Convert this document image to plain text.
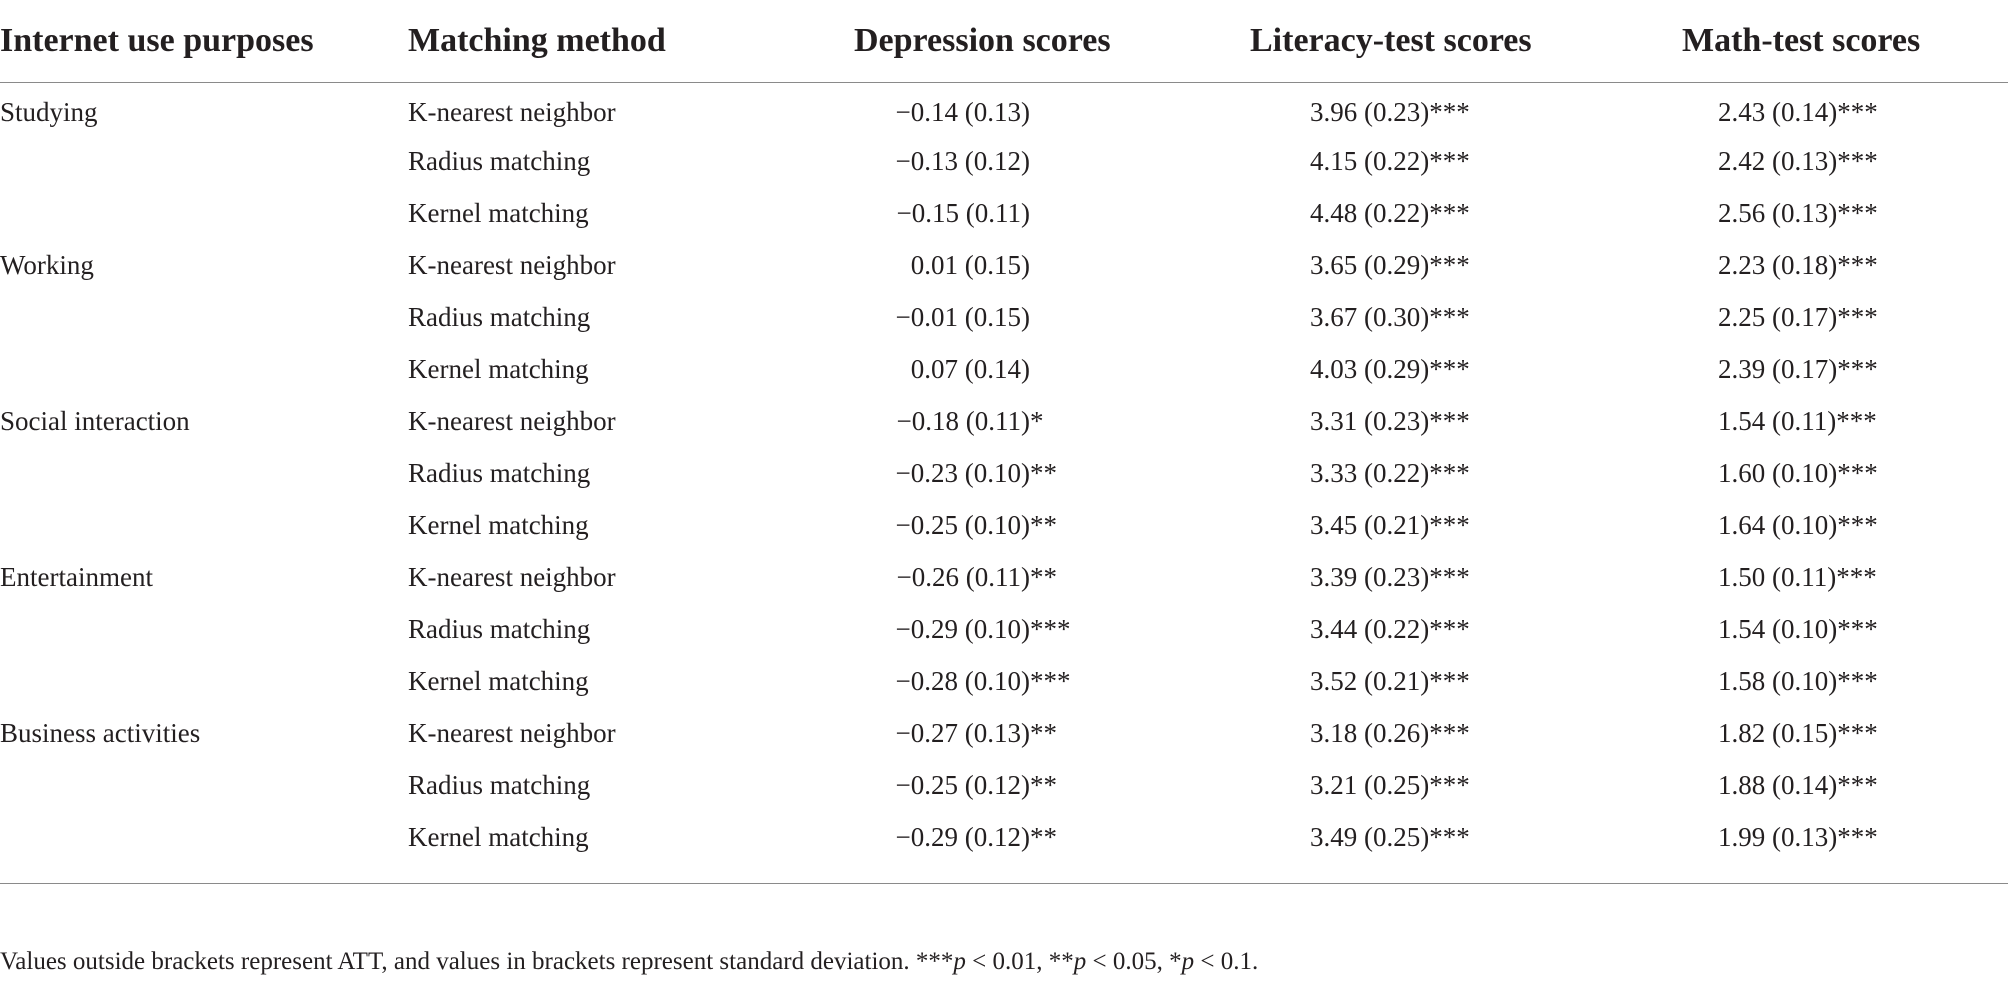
Internet use purposes	Matching method	Depression scores	Literacy-test scores	Math-test scores
Studying	K-nearest neighbor	−0.14 (0.13)	3.96 (0.23)***	2.43 (0.14)***
	Radius matching	−0.13 (0.12)	4.15 (0.22)***	2.42 (0.13)***
	Kernel matching	−0.15 (0.11)	4.48 (0.22)***	2.56 (0.13)***
Working	K-nearest neighbor	0.01 (0.15)	3.65 (0.29)***	2.23 (0.18)***
	Radius matching	−0.01 (0.15)	3.67 (0.30)***	2.25 (0.17)***
	Kernel matching	0.07 (0.14)	4.03 (0.29)***	2.39 (0.17)***
Social interaction	K-nearest neighbor	−0.18 (0.11)*	3.31 (0.23)***	1.54 (0.11)***
	Radius matching	−0.23 (0.10)**	3.33 (0.22)***	1.60 (0.10)***
	Kernel matching	−0.25 (0.10)**	3.45 (0.21)***	1.64 (0.10)***
Entertainment	K-nearest neighbor	−0.26 (0.11)**	3.39 (0.23)***	1.50 (0.11)***
	Radius matching	−0.29 (0.10)***	3.44 (0.22)***	1.54 (0.10)***
	Kernel matching	−0.28 (0.10)***	3.52 (0.21)***	1.58 (0.10)***
Business activities	K-nearest neighbor	−0.27 (0.13)**	3.18 (0.26)***	1.82 (0.15)***
	Radius matching	−0.25 (0.12)**	3.21 (0.25)***	1.88 (0.14)***
	Kernel matching	−0.29 (0.12)**	3.49 (0.25)***	1.99 (0.13)***
Values outside brackets represent ATT, and values in brackets represent standard deviation. ***p < 0.01, **p < 0.05, *p < 0.1.
